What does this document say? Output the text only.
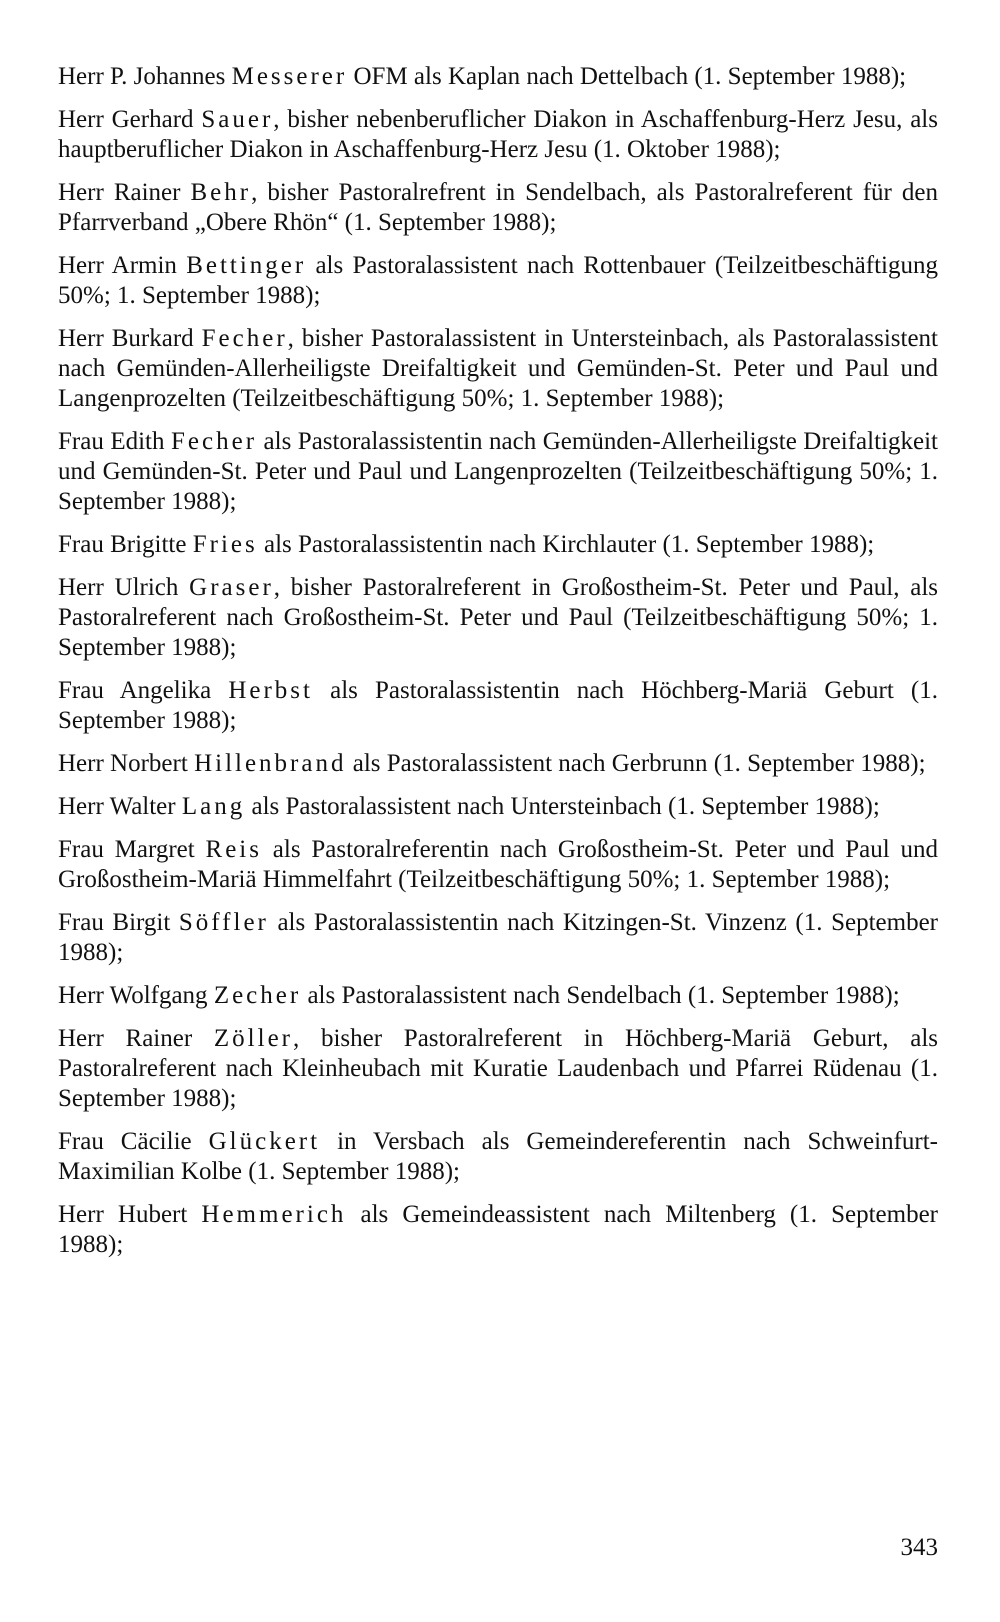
Herr P. Johannes Messerer OFM als Kaplan nach Dettelbach (1. September 1988);

Herr Gerhard Sauer, bisher nebenberuflicher Diakon in Aschaffenburg-Herz Jesu, als hauptberuflicher Diakon in Aschaffenburg-Herz Jesu (1. Oktober 1988);

Herr Rainer Behr, bisher Pastoralrefrent in Sendelbach, als Pastoralreferent für den Pfarrverband „Obere Rhön“ (1. September 1988);

Herr Armin Bettinger als Pastoralassistent nach Rottenbauer (Teilzeitbeschäftigung 50%; 1. September 1988);

Herr Burkard Fecher, bisher Pastoralassistent in Untersteinbach, als Pastoralassistent nach Gemünden-Allerheiligste Dreifaltigkeit und Gemünden-St. Peter und Paul und Langenprozelten (Teilzeitbeschäftigung 50%; 1. September 1988);

Frau Edith Fecher als Pastoralassistentin nach Gemünden-Allerheiligste Dreifaltigkeit und Gemünden-St. Peter und Paul und Langenprozelten (Teilzeitbeschäftigung 50%; 1. September 1988);

Frau Brigitte Fries als Pastoralassistentin nach Kirchlauter (1. September 1988);

Herr Ulrich Graser, bisher Pastoralreferent in Großostheim-St. Peter und Paul, als Pastoralreferent nach Großostheim-St. Peter und Paul (Teilzeitbeschäftigung 50%; 1. September 1988);

Frau Angelika Herbst als Pastoralassistentin nach Höchberg-Mariä Geburt (1. September 1988);

Herr Norbert Hillenbrand als Pastoralassistent nach Gerbrunn (1. September 1988);

Herr Walter Lang als Pastoralassistent nach Untersteinbach (1. September 1988);

Frau Margret Reis als Pastoralreferentin nach Großostheim-St. Peter und Paul und Großostheim-Mariä Himmelfahrt (Teilzeitbeschäftigung 50%; 1. September 1988);

Frau Birgit Söffler als Pastoralassistentin nach Kitzingen-St. Vinzenz (1. September 1988);

Herr Wolfgang Zecher als Pastoralassistent nach Sendelbach (1. September 1988);

Herr Rainer Zöller, bisher Pastoralreferent in Höchberg-Mariä Geburt, als Pastoralreferent nach Kleinheubach mit Kuratie Laudenbach und Pfarrei Rüdenau (1. September 1988);

Frau Cäcilie Glückert in Versbach als Gemeindereferentin nach Schweinfurt-Maximilian Kolbe (1. September 1988);

Herr Hubert Hemmerich als Gemeindeassistent nach Miltenberg (1. September 1988);

343
